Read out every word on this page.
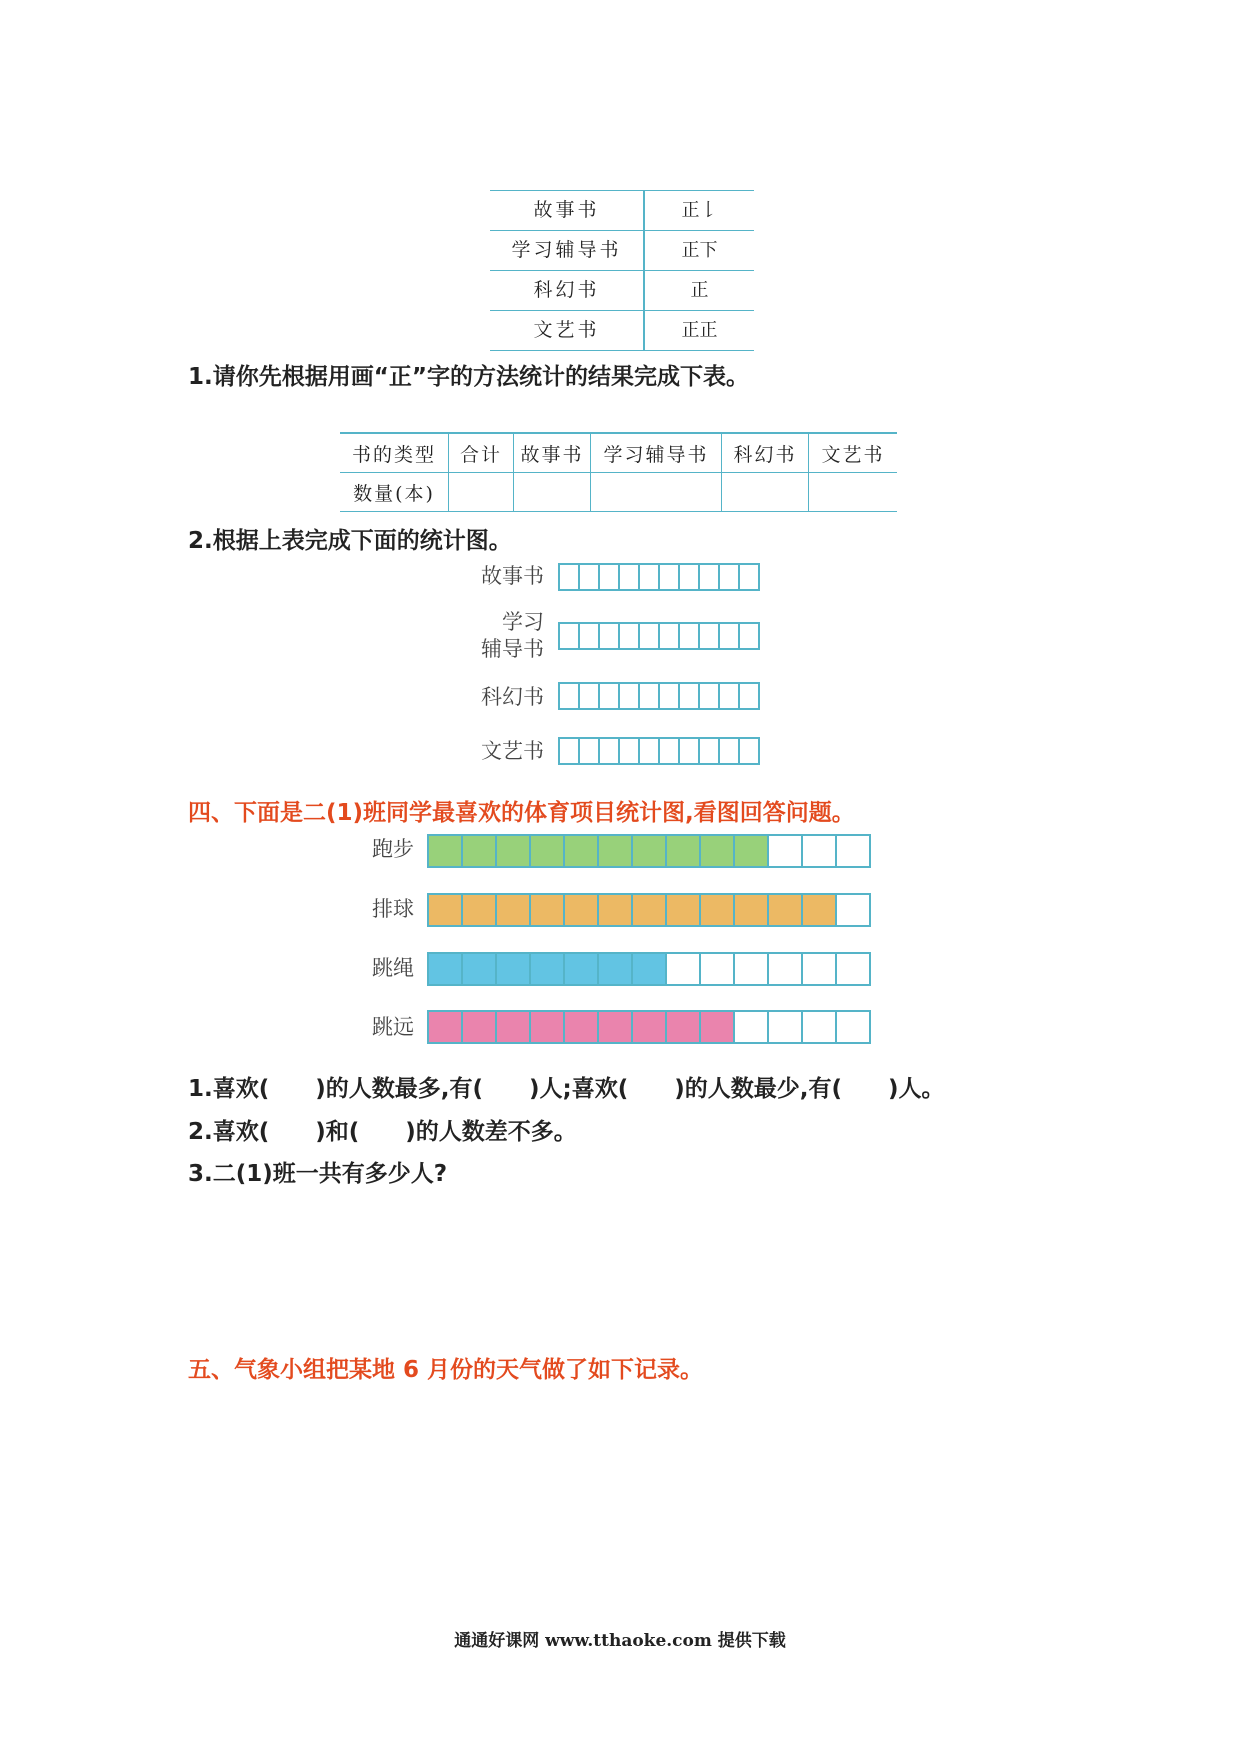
故事书	正𠄌
学习辅导书	正下
科幻书	正
文艺书	正正
1.请你先根据用画“正”字的方法统计的结果完成下表。
书的类型	合计	故事书	学习辅导书	科幻书	文艺书
数量(本)					
2.根据上表完成下面的统计图。
故事书
学习
辅导书
科幻书
文艺书
四、下面是二(1)班同学最喜欢的体育项目统计图,看图回答问题。
跑步
排球
跳绳
跳远
1.喜欢(　　)的人数最多,有(　　)人;喜欢(　　)的人数最少,有(　　)人。
2.喜欢(　　)和(　　)的人数差不多。
3.二(1)班一共有多少人?
五、气象小组把某地 6 月份的天气做了如下记录。
通通好课网 www.tthaoke.com 提供下载
